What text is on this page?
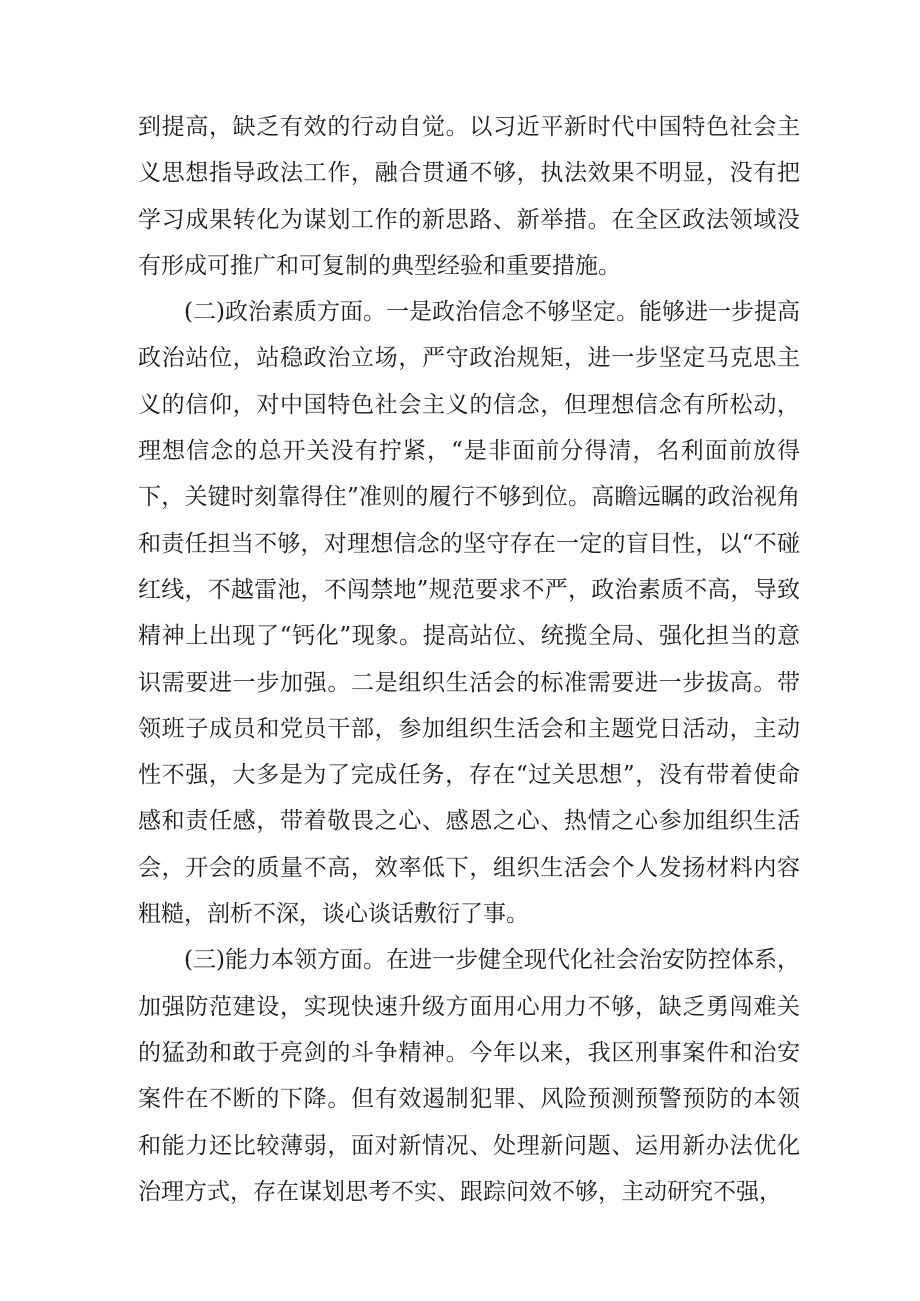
到提高，缺乏有效的行动自觉。以习近平新时代中国特色社会主义思想指导政法工作，融合贯通不够，执法效果不明显，没有把学习成果转化为谋划工作的新思路、新举措。在全区政法领域没有形成可推广和可复制的典型经验和重要措施。

(二)政治素质方面。一是政治信念不够坚定。能够进一步提高政治站位，站稳政治立场，严守政治规矩，进一步坚定马克思主义的信仰，对中国特色社会主义的信念，但理想信念有所松动，理想信念的总开关没有拧紧，“是非面前分得清，名利面前放得下，关键时刻靠得住”准则的履行不够到位。高瞻远瞩的政治视角和责任担当不够，对理想信念的坚守存在一定的盲目性，以“不碰红线，不越雷池，不闯禁地”规范要求不严，政治素质不高，导致精神上出现了“钙化”现象。提高站位、统揽全局、强化担当的意识需要进一步加强。二是组织生活会的标准需要进一步拔高。带领班子成员和党员干部，参加组织生活会和主题党日活动，主动性不强，大多是为了完成任务，存在“过关思想”，没有带着使命感和责任感，带着敬畏之心、感恩之心、热情之心参加组织生活会，开会的质量不高，效率低下，组织生活会个人发扬材料内容粗糙，剖析不深，谈心谈话敷衍了事。

(三)能力本领方面。在进一步健全现代化社会治安防控体系，加强防范建设，实现快速升级方面用心用力不够，缺乏勇闯难关的猛劲和敢于亮剑的斗争精神。今年以来，我区刑事案件和治安案件在不断的下降。但有效遏制犯罪、风险预测预警预防的本领和能力还比较薄弱，面对新情况、处理新问题、运用新办法优化治理方式，存在谋划思考不实、跟踪问效不够，主动研究不强，
